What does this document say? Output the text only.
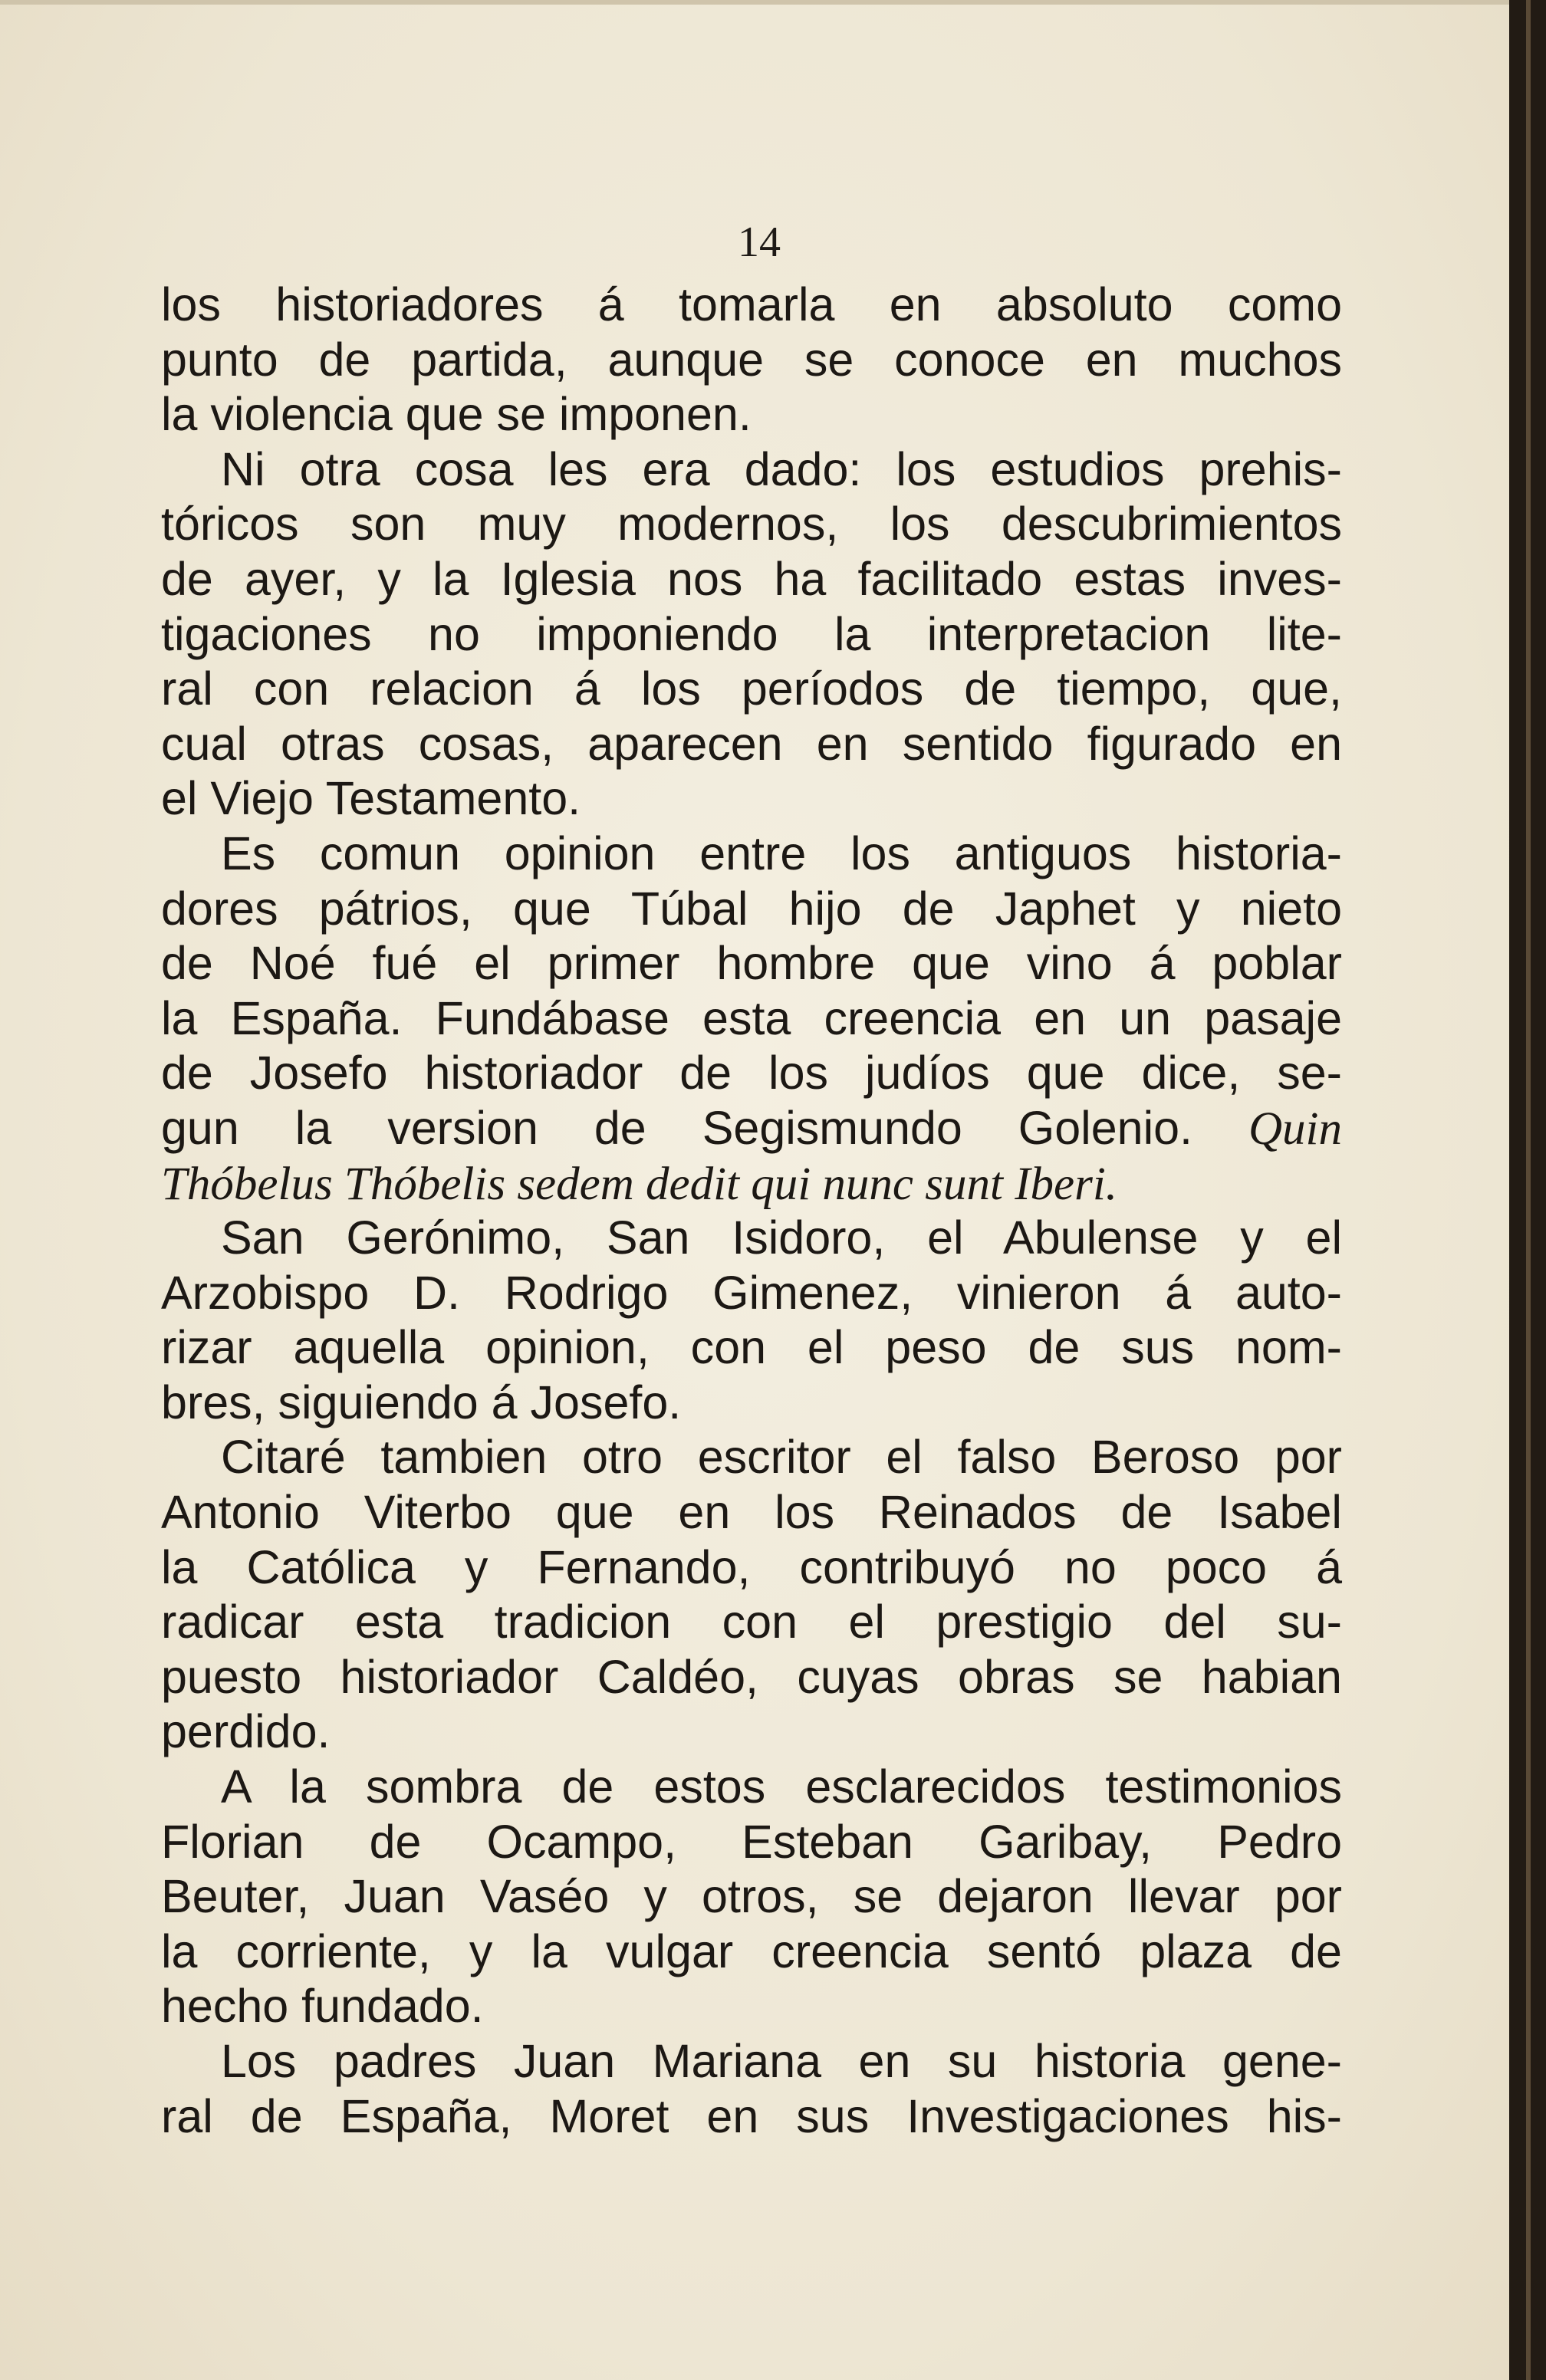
14
los historiadores á tomarla en absoluto como
punto de partida, aunque se conoce en muchos
la violencia que se imponen.
Ni otra cosa les era dado: los estudios prehis-
tóricos son muy modernos, los descubrimientos
de ayer, y la Iglesia nos ha facilitado estas inves-
tigaciones no imponiendo la interpretacion lite-
ral con relacion á los períodos de tiempo, que,
cual otras cosas, aparecen en sentido figurado en
el Viejo Testamento.
Es comun opinion entre los antiguos historia-
dores pátrios, que Túbal hijo de Japhet y nieto
de Noé fué el primer hombre que vino á poblar
la España. Fundábase esta creencia en un pasaje
de Josefo historiador de los judíos que dice, se-
gun la version de Segismundo Golenio. Quin
Thóbelus Thóbelis sedem dedit qui nunc sunt Iberi.
San Gerónimo, San Isidoro, el Abulense y el
Arzobispo D. Rodrigo Gimenez, vinieron á auto-
rizar aquella opinion, con el peso de sus nom-
bres, siguiendo á Josefo.
Citaré tambien otro escritor el falso Beroso por
Antonio Viterbo que en los Reinados de Isabel
la Católica y Fernando, contribuyó no poco á
radicar esta tradicion con el prestigio del su-
puesto historiador Caldéo, cuyas obras se habian
perdido.
A la sombra de estos esclarecidos testimonios
Florian de Ocampo, Esteban Garibay, Pedro
Beuter, Juan Vaséo y otros, se dejaron llevar por
la corriente, y la vulgar creencia sentó plaza de
hecho fundado.
Los padres Juan Mariana en su historia gene-
ral de España, Moret en sus Investigaciones his-
